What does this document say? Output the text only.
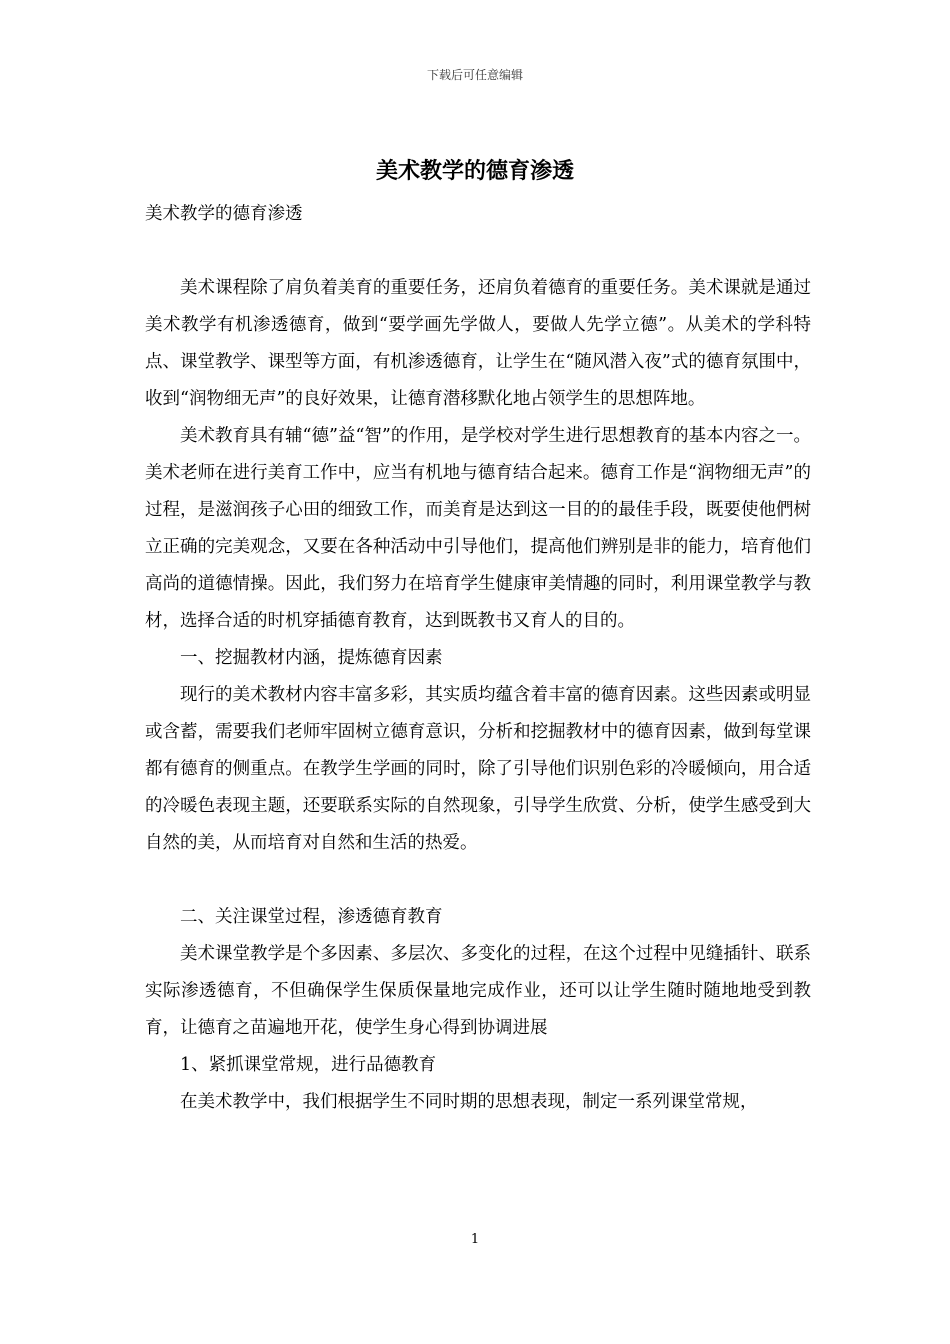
下载后可任意编辑
美术教学的德育渗透

美术教学的德育渗透

美术课程除了肩负着美育的重要任务，还肩负着德育的重要任务。美术课就是通过美术教学有机渗透德育，做到“要学画先学做人，要做人先学立德”。从美术的学科特点、课堂教学、课型等方面，有机渗透德育，让学生在“随风潜入夜”式的德育氛围中，收到“润物细无声”的良好效果，让德育潜移默化地占领学生的思想阵地。

美术教育具有辅“德”益“智”的作用，是学校对学生进行思想教育的基本内容之一。美术老师在进行美育工作中，应当有机地与德育结合起来。德育工作是“润物细无声”的过程，是滋润孩子心田的细致工作，而美育是达到这一目的的最佳手段，既要使他們树立正确的完美观念，又要在各种活动中引导他们，提高他们辨别是非的能力，培育他们高尚的道德情操。因此，我们努力在培育学生健康审美情趣的同时，利用课堂教学与教材，选择合适的时机穿插德育教育，达到既教书又育人的目的。

一、挖掘教材内涵，提炼德育因素

现行的美术教材内容丰富多彩，其实质均蕴含着丰富的德育因素。这些因素或明显或含蓄，需要我们老师牢固树立德育意识，分析和挖掘教材中的德育因素，做到每堂课都有德育的侧重点。在教学生学画的同时，除了引导他们识别色彩的冷暖倾向，用合适的冷暖色表现主题，还要联系实际的自然现象，引导学生欣赏、分析，使学生感受到大自然的美，从而培育对自然和生活的热爱。

二、关注课堂过程，渗透德育教育

美术课堂教学是个多因素、多层次、多变化的过程，在这个过程中见缝插针、联系实际渗透德育，不但确保学生保质保量地完成作业，还可以让学生随时随地地受到教育，让德育之苗遍地开花，使学生身心得到协调进展

1、紧抓课堂常规，进行品德教育

在美术教学中，我们根据学生不同时期的思想表现，制定一系列课堂常规，

1
